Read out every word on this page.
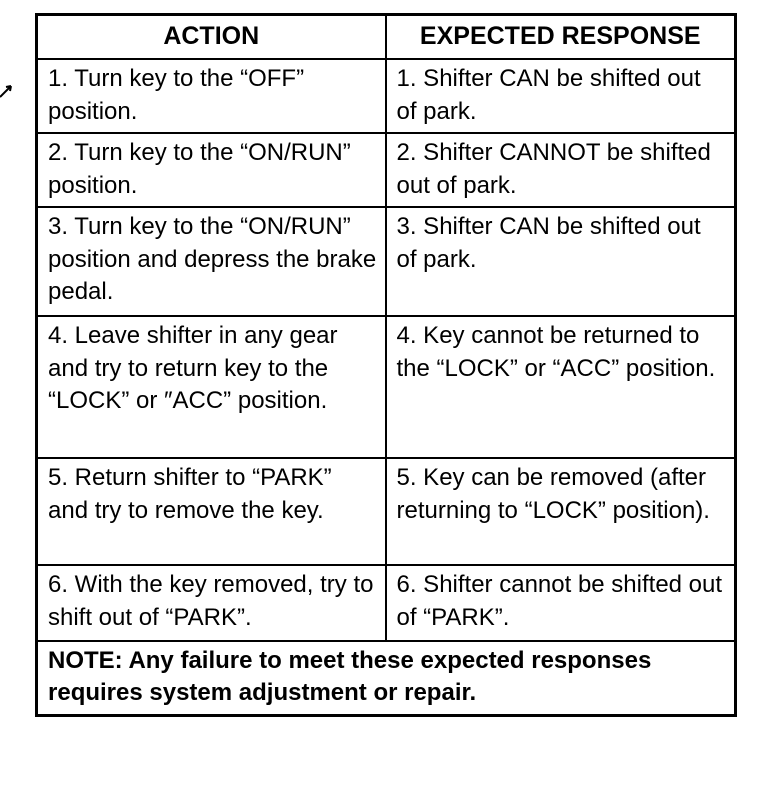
ACTION	EXPECTED RESPONSE

1. Turn key to the “OFF” position.	1. Shifter CAN be shifted out of park.

2. Turn key to the “ON/RUN” position.	2. Shifter CANNOT be shifted out of park.

3. Turn key to the “ON/RUN” position and depress the brake pedal.	3. Shifter CAN be shifted out of park.

4. Leave shifter in any gear and try to return key to the “LOCK” or ″ACC” position.	4. Key cannot be returned to the “LOCK” or “ACC” position.

5. Return shifter to “PARK” and try to remove the key.	5. Key can be removed (after returning to “LOCK” position).

6. With the key removed, try to shift out of “PARK”.	6. Shifter cannot be shifted out of “PARK”.

NOTE: Any failure to meet these expected responses requires system adjustment or repair.	
